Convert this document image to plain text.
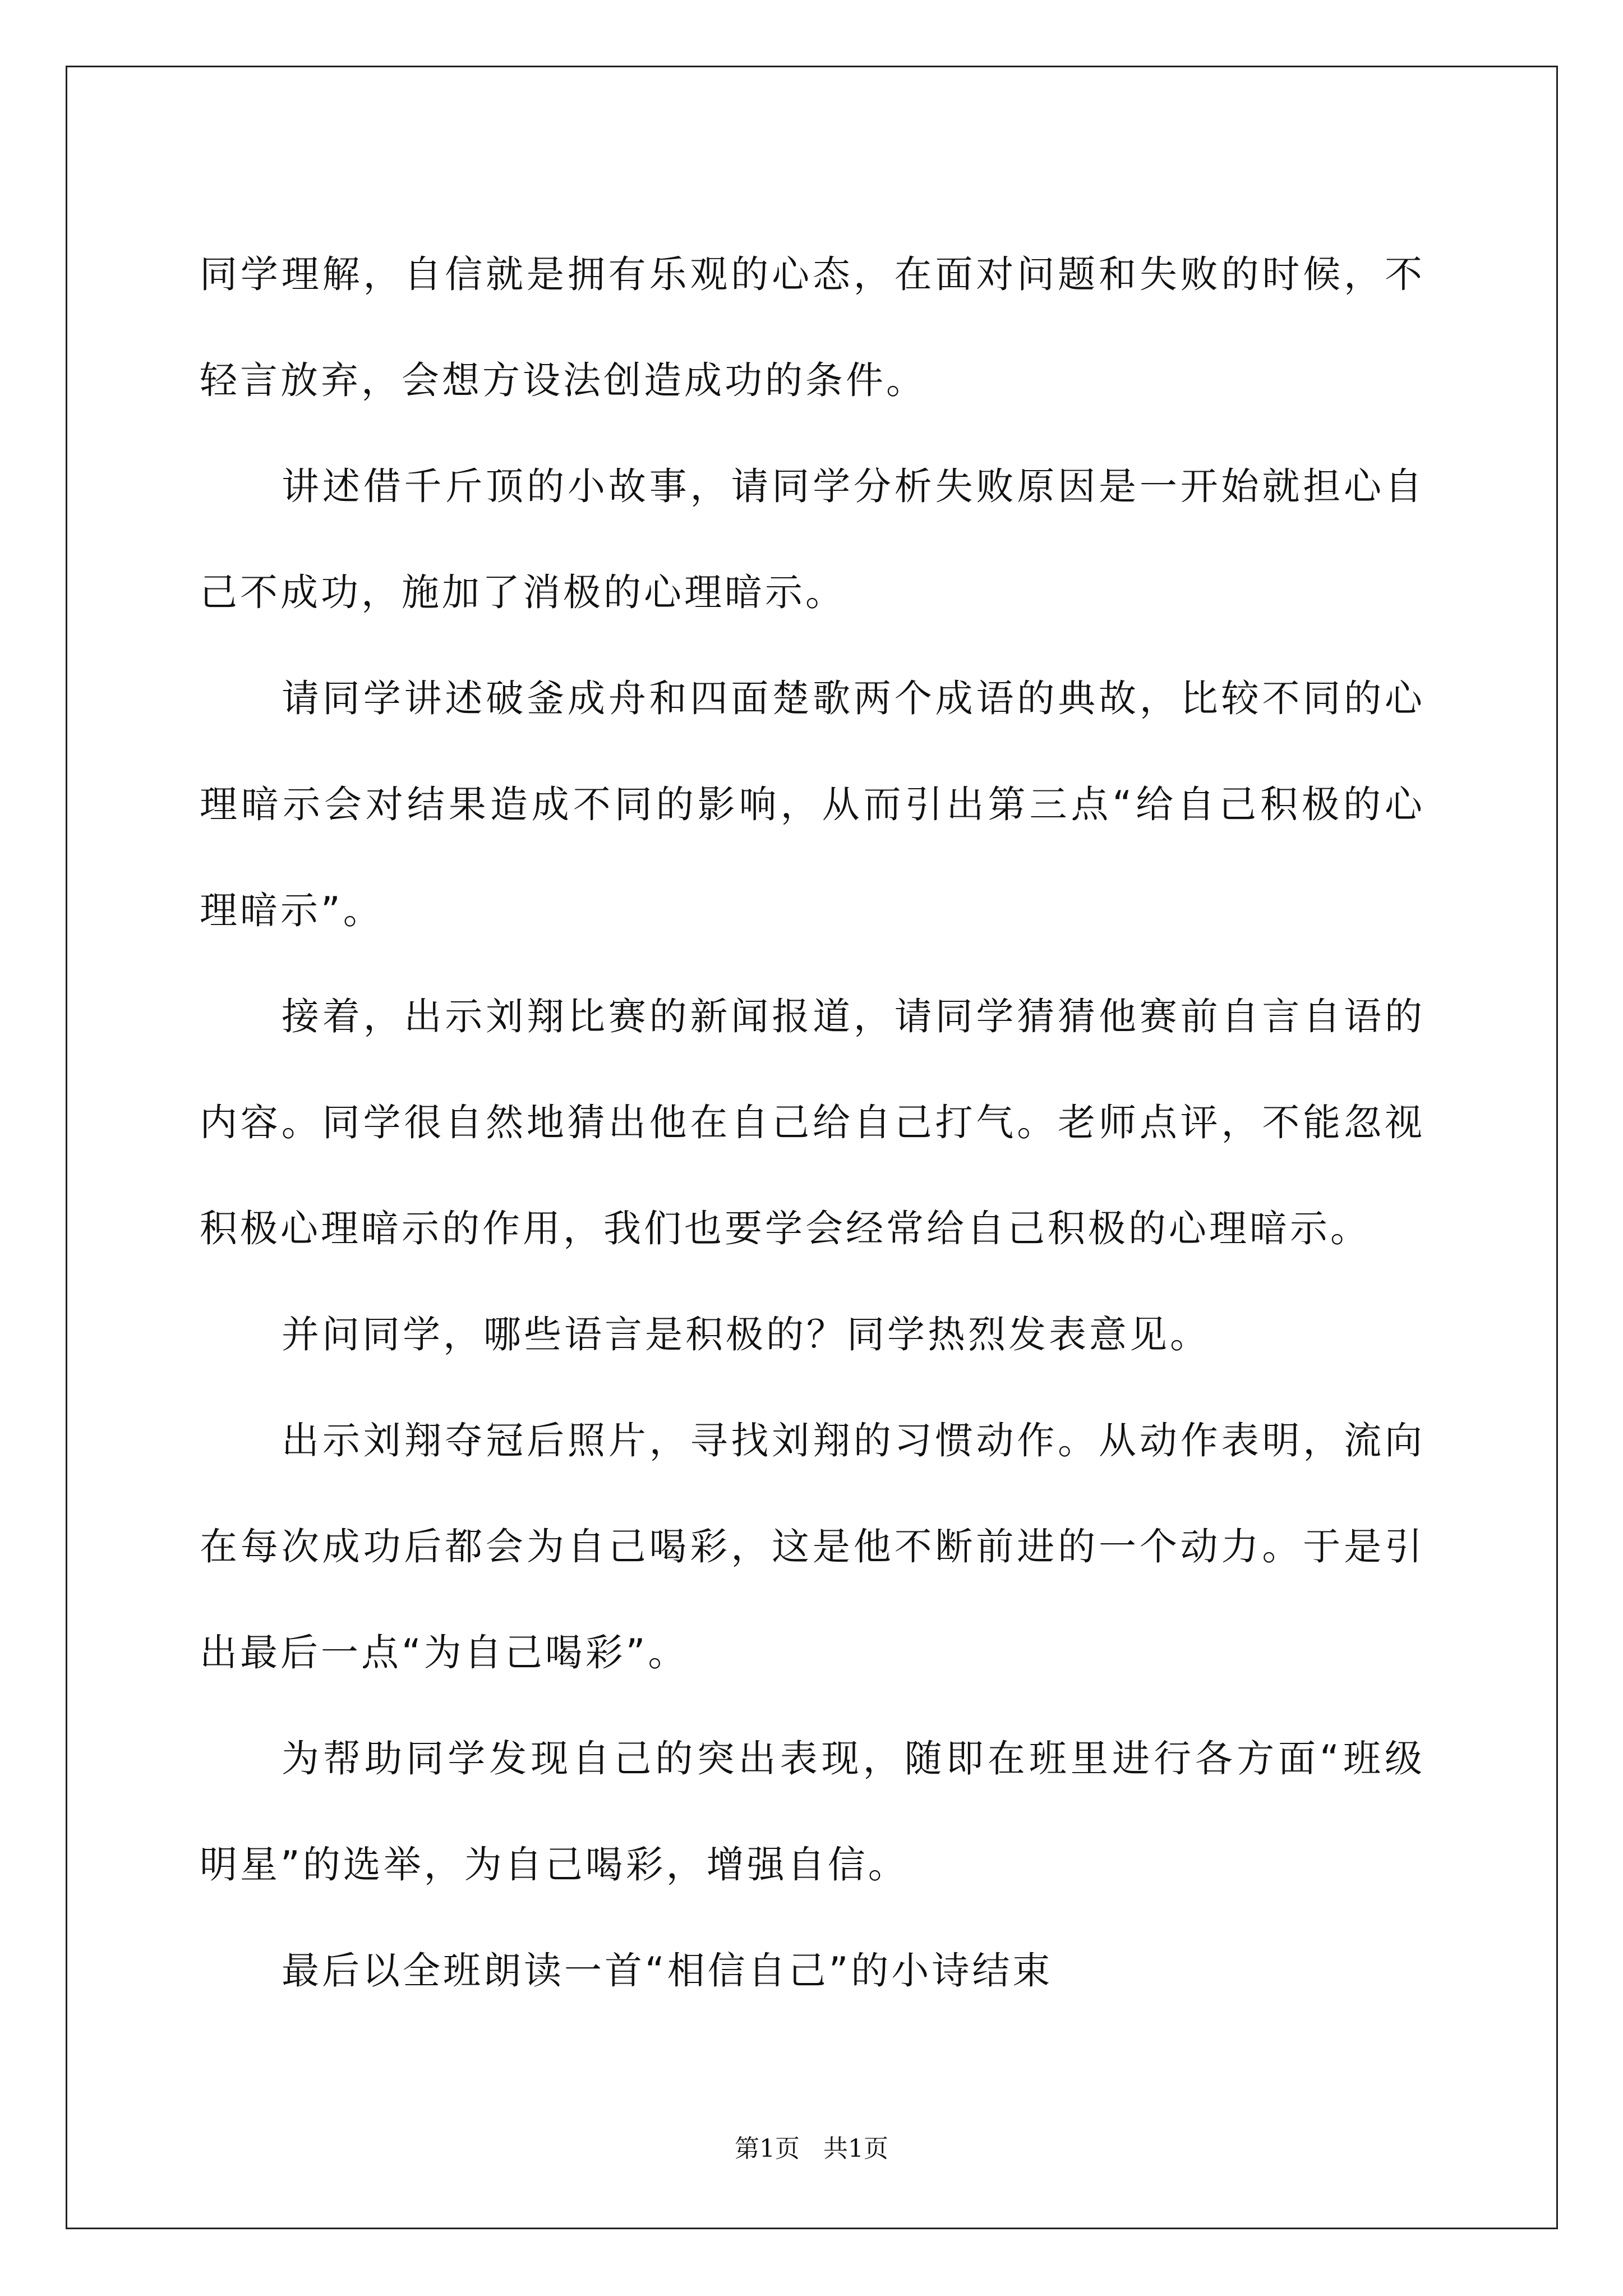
同学理解，自信就是拥有乐观的心态，在面对问题和失败的时候，不轻言放弃，会想方设法创造成功的条件。

讲述借千斤顶的小故事，请同学分析失败原因是一开始就担心自己不成功，施加了消极的心理暗示。

请同学讲述破釜成舟和四面楚歌两个成语的典故，比较不同的心理暗示会对结果造成不同的影响，从而引出第三点“给自己积极的心理暗示”。

接着，出示刘翔比赛的新闻报道，请同学猜猜他赛前自言自语的内容。同学很自然地猜出他在自己给自己打气。老师点评，不能忽视积极心理暗示的作用，我们也要学会经常给自己积极的心理暗示。

并问同学，哪些语言是积极的？同学热烈发表意见。

出示刘翔夺冠后照片，寻找刘翔的习惯动作。从动作表明，流向在每次成功后都会为自己喝彩，这是他不断前进的一个动力。于是引出最后一点“为自己喝彩”。

为帮助同学发现自己的突出表现，随即在班里进行各方面“班级明星”的选举，为自己喝彩，增强自信。

最后以全班朗读一首“相信自己”的小诗结束

第1页   共1页
